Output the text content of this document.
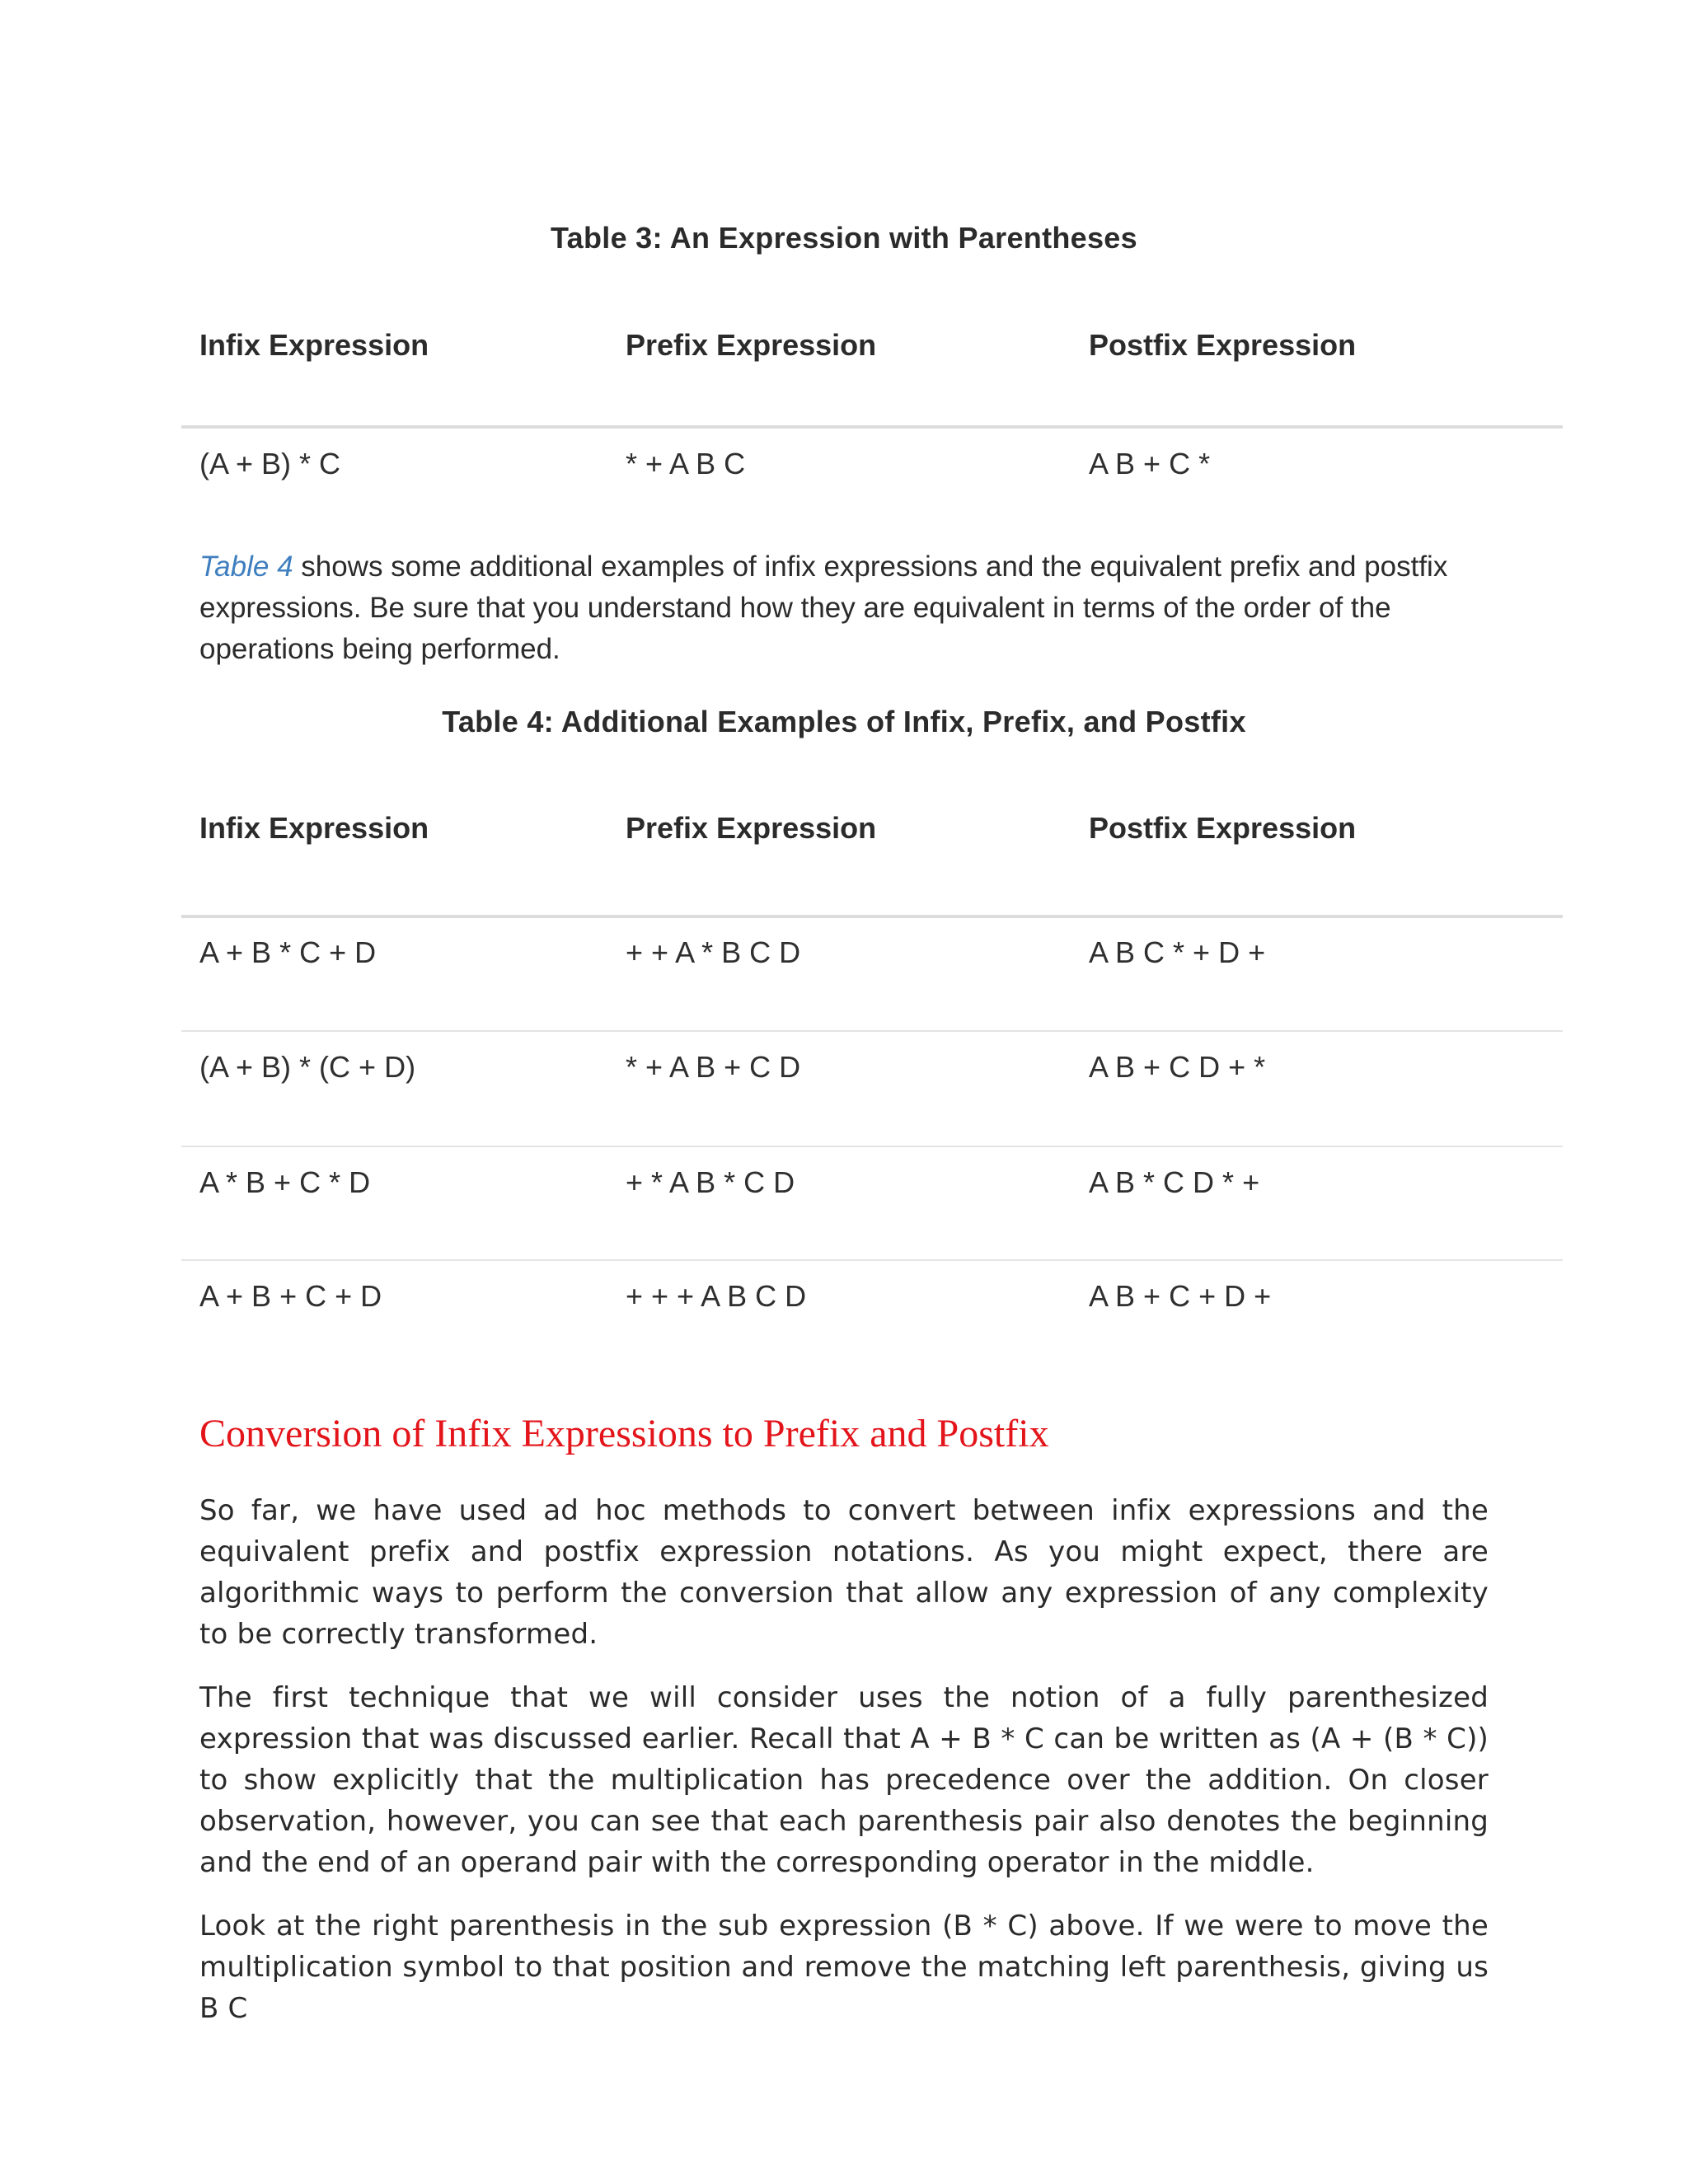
Table 3: An Expression with Parentheses
Infix Expression	Prefix Expression	Postfix Expression
(A + B) * C	* + A B C	A B + C *
Table 4 shows some additional examples of infix expressions and the equivalent prefix and postfix
expressions. Be sure that you understand how they are equivalent in terms of the order of the
operations being performed.
Table 4: Additional Examples of Infix, Prefix, and Postfix
Infix Expression	Prefix Expression	Postfix Expression
A + B * C + D	+ + A * B C D	A B C * + D +
(A + B) * (C + D)	* + A B + C D	A B + C D + *
A * B + C * D	+ * A B * C D	A B * C D * +
A + B + C + D	+ + + A B C D	A B + C + D +
Conversion of Infix Expressions to Prefix and Postfix
So far, we have used ad hoc methods to convert between infix expressions and the equivalent prefix and postfix expression notations. As you might expect, there are algorithmic ways to perform the conversion that allow any expression of any complexity to be correctly transformed.
The first technique that we will consider uses the notion of a fully parenthesized expression that was discussed earlier. Recall that A + B * C can be written as (A + (B * C)) to show explicitly that the multiplication has precedence over the addition. On closer observation, however, you can see that each parenthesis pair also denotes the beginning and the end of an operand pair with the corresponding operator in the middle.
Look at the right parenthesis in the sub expression (B * C) above. If we were to move the multiplication symbol to that position and remove the matching left parenthesis, giving us B C
